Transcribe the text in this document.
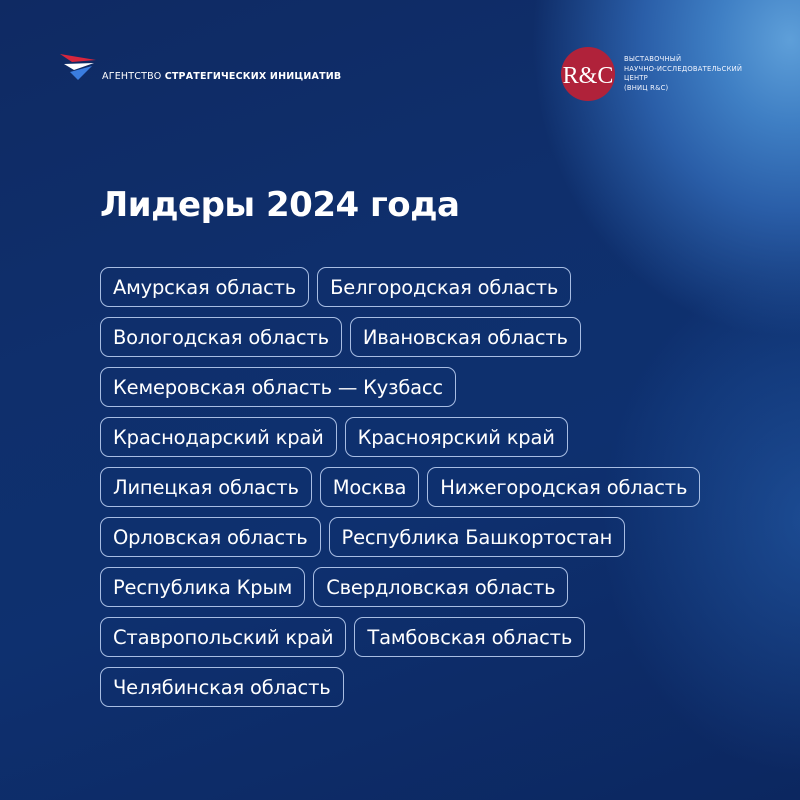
АГЕНТСТВО СТРАТЕГИЧЕСКИХ ИНИЦИАТИВ	R&C
ВЫСТАВОЧНЫЙ
НАУЧНО-ИССЛЕДОВАТЕЛЬСКИЙ
ЦЕНТР
(ВНИЦ R&C)
Лидеры 2024 года
Амурская область	Белгородская область
Вологодская область	Ивановская область
Кемеровская область — Кузбасс
Краснодарский край	Красноярский край
Липецкая область	Москва	Нижегородская область
Орловская область	Республика Башкортостан
Республика Крым	Свердловская область
Ставропольский край	Тамбовская область
Челябинская область
